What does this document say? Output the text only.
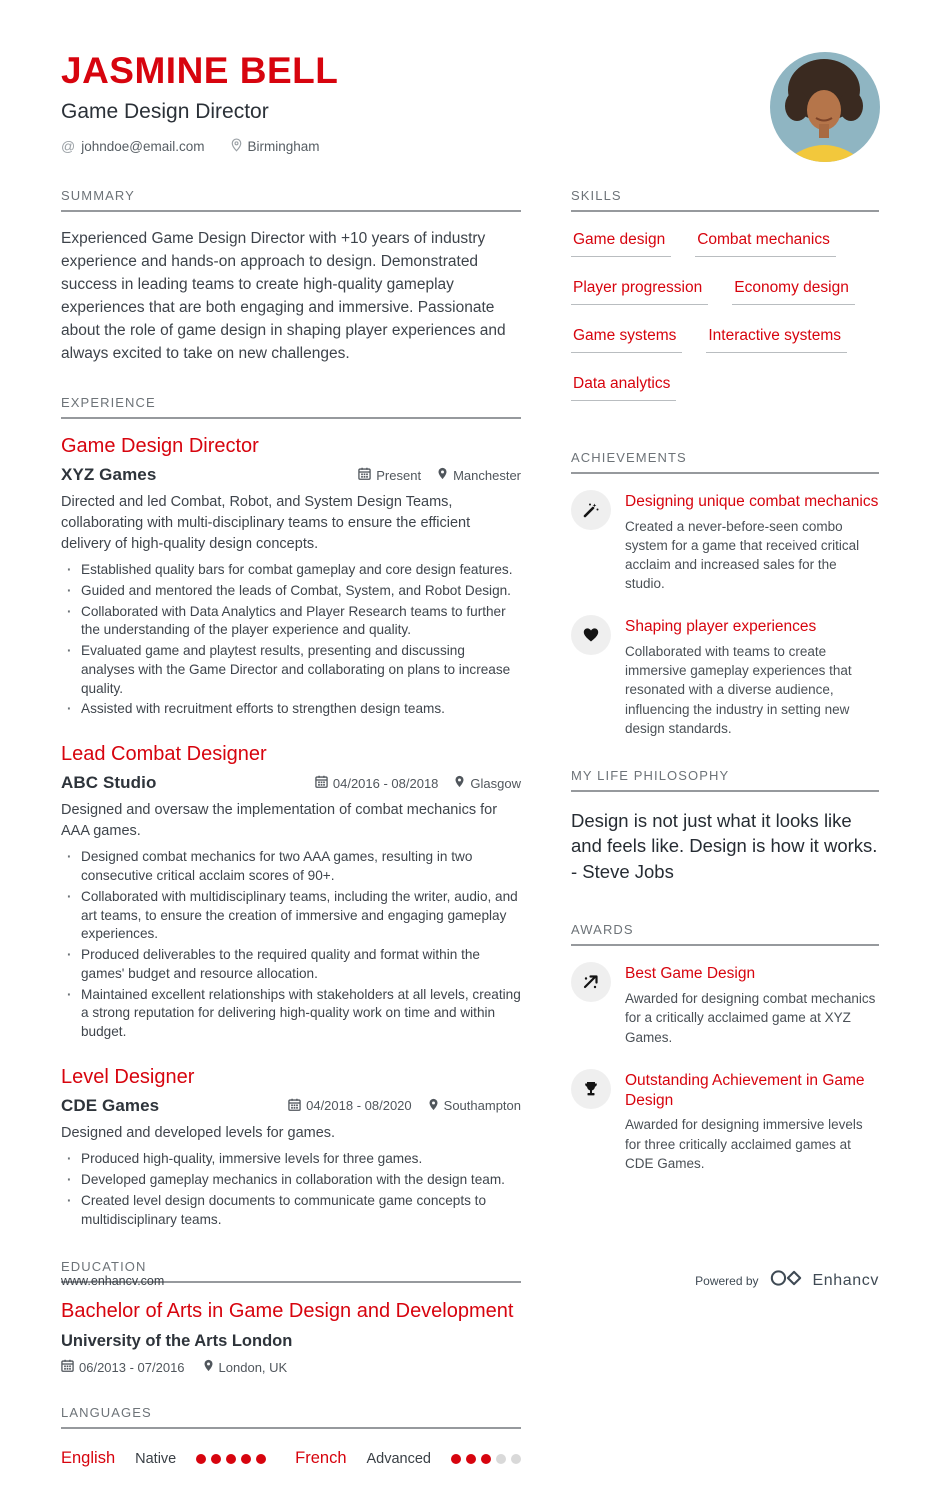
JASMINE BELL
Game Design Director
@ johndoe@email.com	Birmingham
SUMMARY
Experienced Game Design Director with +10 years of industry experience and hands-on approach to design. Demonstrated success in leading teams to create high-quality gameplay experiences that are both engaging and immersive. Passionate about the role of game design in shaping player experiences and always excited to take on new challenges.
EXPERIENCE
Game Design Director
XYZ Games	Present Manchester
Directed and led Combat, Robot, and System Design Teams, collaborating with multi-disciplinary teams to ensure the efficient delivery of high-quality design concepts.
· Established quality bars for combat gameplay and core design features.
· Guided and mentored the leads of Combat, System, and Robot Design.
· Collaborated with Data Analytics and Player Research teams to further the understanding of the player experience and quality.
· Evaluated game and playtest results, presenting and discussing analyses with the Game Director and collaborating on plans to increase quality.
· Assisted with recruitment efforts to strengthen design teams.
Lead Combat Designer
ABC Studio	04/2016 - 08/2018 Glasgow
Designed and oversaw the implementation of combat mechanics for AAA games.
· Designed combat mechanics for two AAA games, resulting in two consecutive critical acclaim scores of 90+.
· Collaborated with multidisciplinary teams, including the writer, audio, and art teams, to ensure the creation of immersive and engaging gameplay experiences.
· Produced deliverables to the required quality and format within the games' budget and resource allocation.
· Maintained excellent relationships with stakeholders at all levels, creating a strong reputation for delivering high-quality work on time and within budget.
Level Designer
CDE Games	04/2018 - 08/2020 Southampton
Designed and developed levels for games.
· Produced high-quality, immersive levels for three games.
· Developed gameplay mechanics in collaboration with the design team.
· Created level design documents to communicate game concepts to multidisciplinary teams.
EDUCATION
Bachelor of Arts in Game Design and Development
University of the Arts London
06/2013 - 07/2016	London, UK
LANGUAGES
English Native	French Advanced
SKILLS
Game design	Combat mechanics
Player progression	Economy design
Game systems	Interactive systems
Data analytics
ACHIEVEMENTS
Designing unique combat mechanics
Created a never-before-seen combo system for a game that received critical acclaim and increased sales for the studio.
Shaping player experiences
Collaborated with teams to create immersive gameplay experiences that resonated with a diverse audience, influencing the industry in setting new design standards.
MY LIFE PHILOSOPHY
Design is not just what it looks like and feels like. Design is how it works. - Steve Jobs
AWARDS
Best Game Design
Awarded for designing combat mechanics for a critically acclaimed game at XYZ Games.
Outstanding Achievement in Game Design
Awarded for designing immersive levels for three critically acclaimed games at CDE Games.
www.enhancv.com	Powered by	Enhancv
